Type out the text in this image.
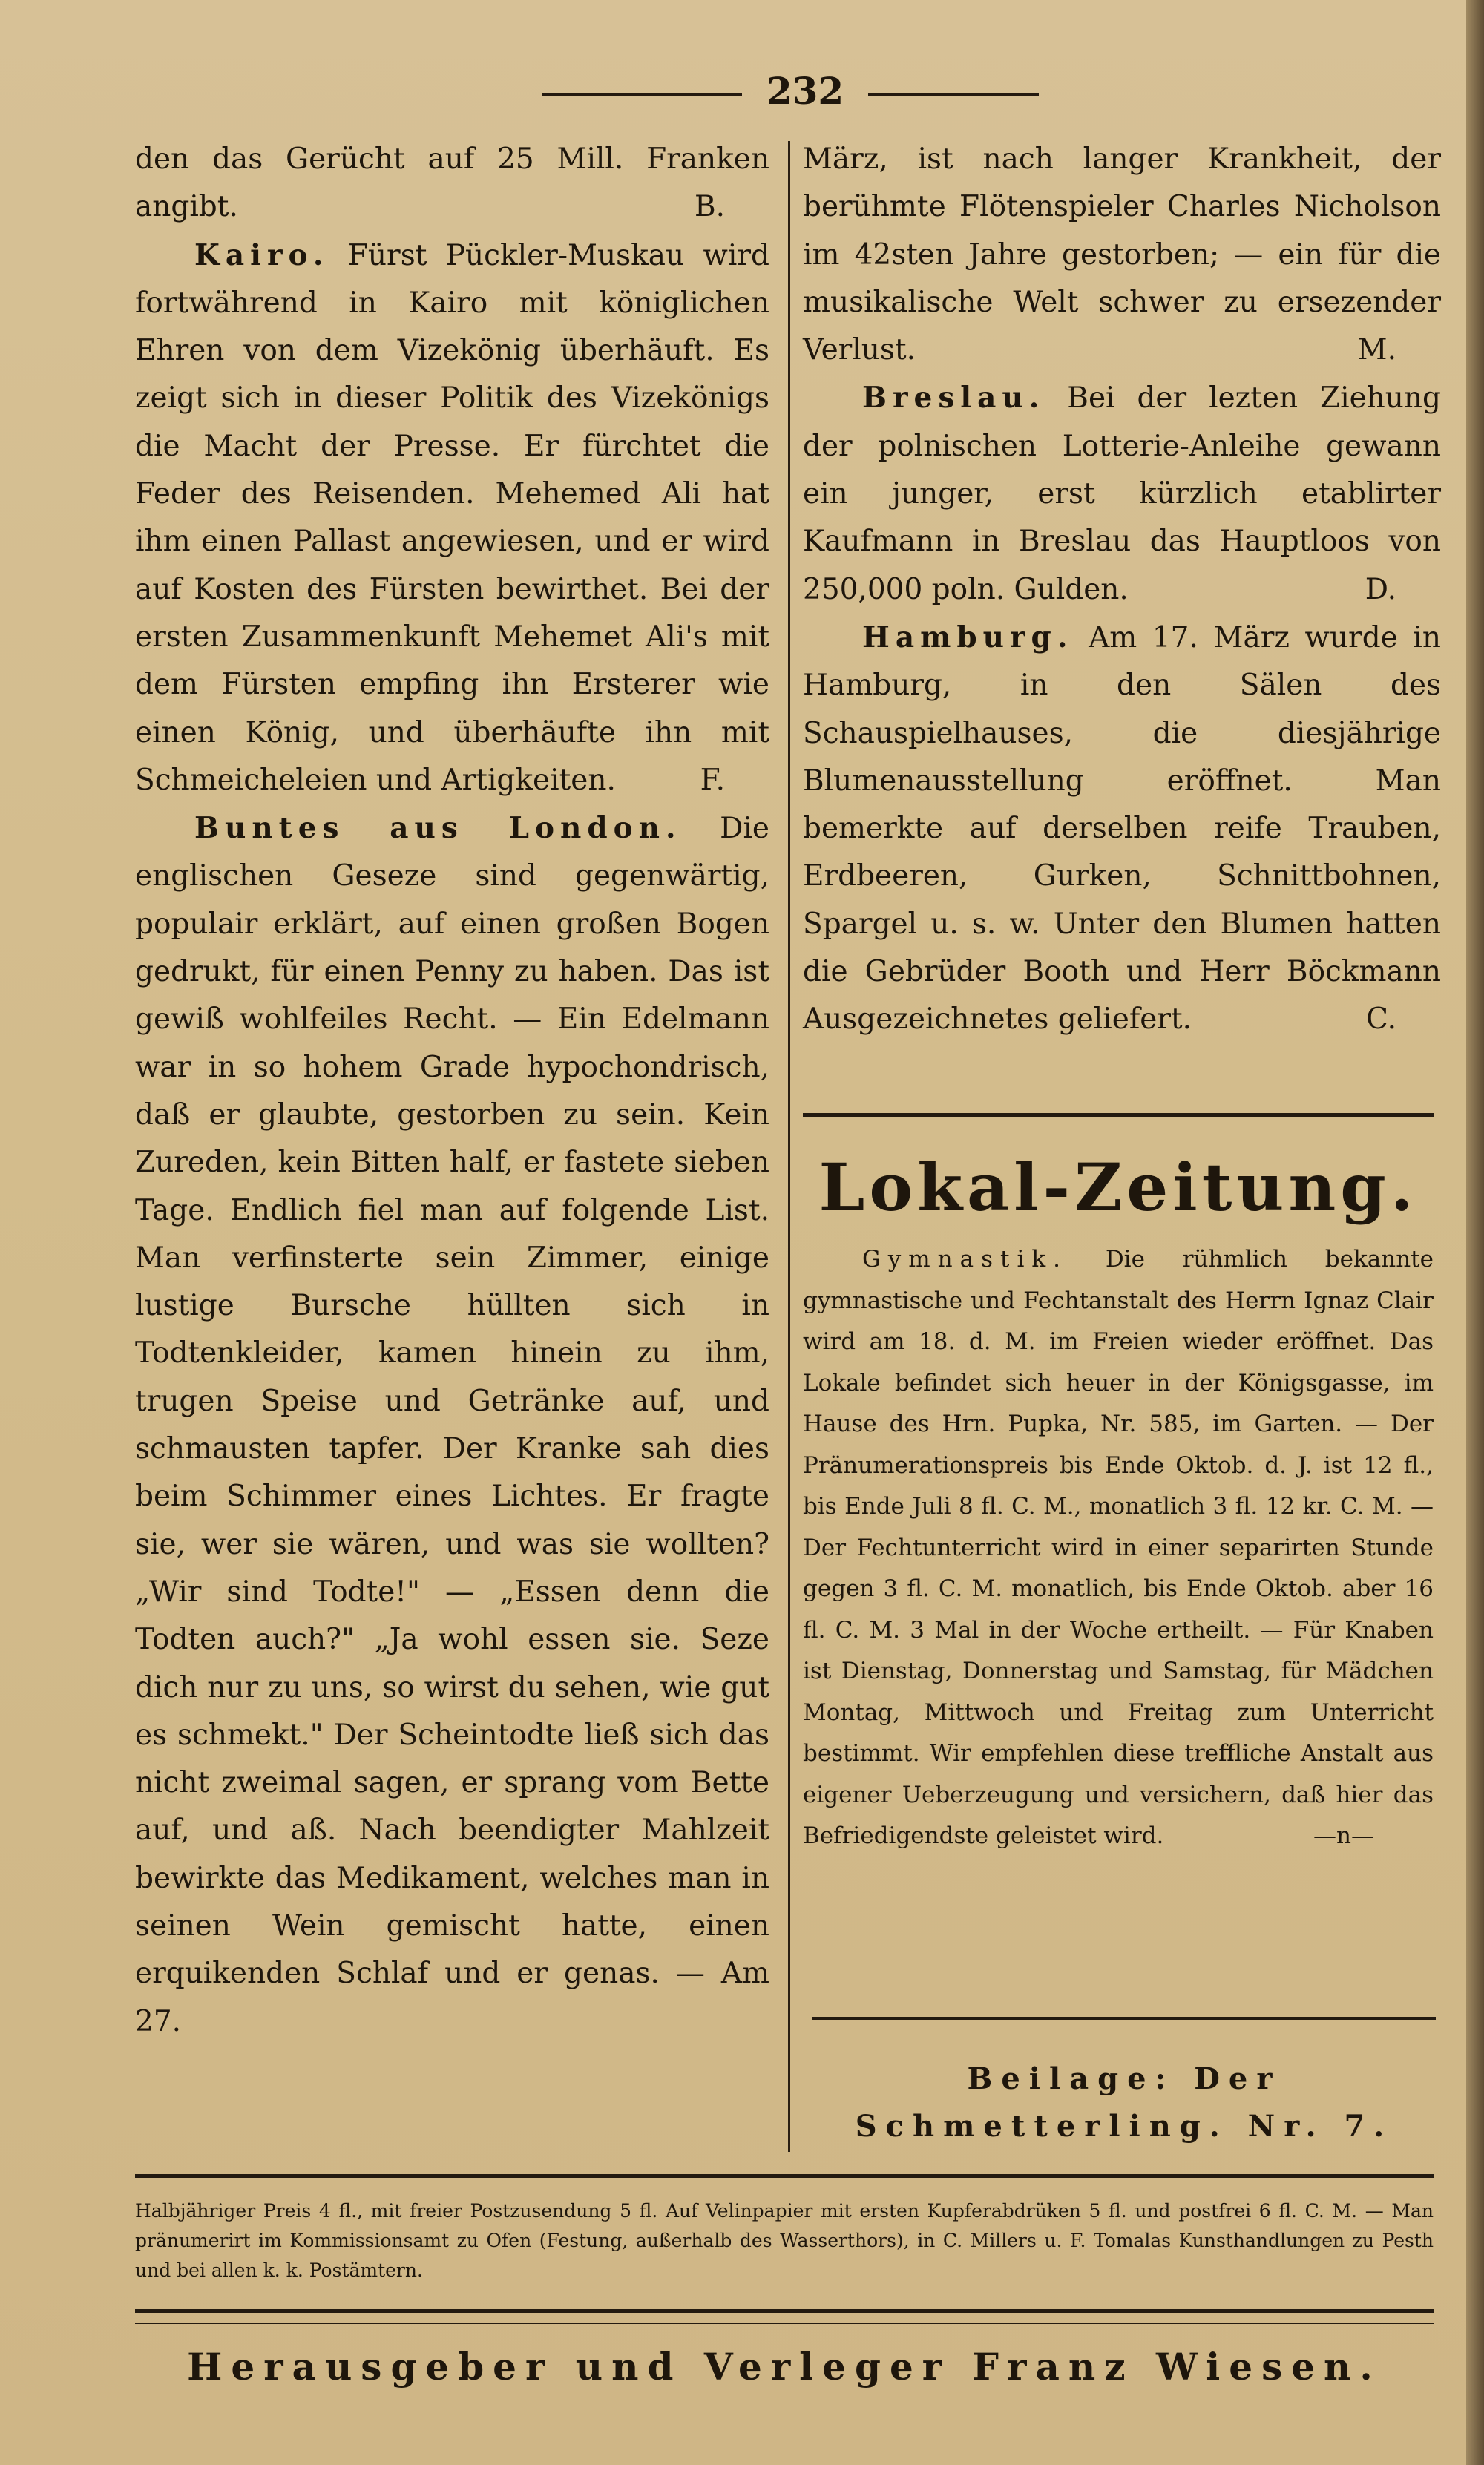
232

den das Gerücht auf 25 Mill. Franken angibt.	B.

Kairo. Fürst Pückler-Muskau wird fortwährend in Kairo mit königlichen Ehren von dem Vizekönig überhäuft. Es zeigt sich in dieser Politik des Vizekönigs die Macht der Presse. Er fürchtet die Feder des Reisenden. Mehemed Ali hat ihm einen Pallast angewiesen, und er wird auf Kosten des Fürsten bewirthet. Bei der ersten Zusammenkunft Mehemet Ali's mit dem Fürsten empfing ihn Ersterer wie einen König, und überhäufte ihn mit Schmeicheleien und Artigkeiten.	F.

Buntes aus London. Die englischen Geseze sind gegenwärtig, populair erklärt, auf einen großen Bogen gedrukt, für einen Penny zu haben. Das ist gewiß wohlfeiles Recht. — Ein Edelmann war in so hohem Grade hypochondrisch, daß er glaubte, gestorben zu sein. Kein Zureden, kein Bitten half, er fastete sieben Tage. Endlich fiel man auf folgende List. Man verfinsterte sein Zimmer, einige lustige Bursche hüllten sich in Todtenkleider, kamen hinein zu ihm, trugen Speise und Getränke auf, und schmausten tapfer. Der Kranke sah dies beim Schimmer eines Lichtes. Er fragte sie, wer sie wären, und was sie wollten? „Wir sind Todte!" — „Essen denn die Todten auch?" „Ja wohl essen sie. Seze dich nur zu uns, so wirst du sehen, wie gut es schmekt." Der Scheintodte ließ sich das nicht zweimal sagen, er sprang vom Bette auf, und aß. Nach beendigter Mahlzeit bewirkte das Medikament, welches man in seinen Wein gemischt hatte, einen erquikenden Schlaf und er genas. — Am 27.

März, ist nach langer Krankheit, der berühmte Flötenspieler Charles Nicholson im 42sten Jahre gestorben; — ein für die musikalische Welt schwer zu ersezender Verlust.	M.

Breslau. Bei der lezten Ziehung der polnischen Lotterie-Anleihe gewann ein junger, erst kürzlich etablirter Kaufmann in Breslau das Hauptloos von 250,000 poln. Gulden.	D.

Hamburg. Am 17. März wurde in Hamburg, in den Sälen des Schauspielhauses, die diesjährige Blumenausstellung eröffnet. Man bemerkte auf derselben reife Trauben, Erdbeeren, Gurken, Schnittbohnen, Spargel u. s. w. Unter den Blumen hatten die Gebrüder Booth und Herr Böckmann Ausgezeichnetes geliefert.	C.

Lokal-Zeitung.

Gymnastik. Die rühmlich bekannte gymnastische und Fechtanstalt des Herrn Ignaz Clair wird am 18. d. M. im Freien wieder eröffnet. Das Lokale befindet sich heuer in der Königsgasse, im Hause des Hrn. Pupka, Nr. 585, im Garten. — Der Pränumerationspreis bis Ende Oktob. d. J. ist 12 fl., bis Ende Juli 8 fl. C. M., monatlich 3 fl. 12 kr. C. M. — Der Fechtunterricht wird in einer separirten Stunde gegen 3 fl. C. M. monatlich, bis Ende Oktob. aber 16 fl. C. M. 3 Mal in der Woche ertheilt. — Für Knaben ist Dienstag, Donnerstag und Samstag, für Mädchen Montag, Mittwoch und Freitag zum Unterricht bestimmt. Wir empfehlen diese treffliche Anstalt aus eigener Ueberzeugung und versichern, daß hier das Befriedigendste geleistet wird.	—n—

Beilage: Der Schmetterling. Nr. 7.
Halbjähriger Preis 4 fl., mit freier Postzusendung 5 fl. Auf Velinpapier mit ersten Kupferabdrüken 5 fl. und postfrei 6 fl. C. M. — Man pränumerirt im Kommissionsamt zu Ofen (Festung, außerhalb des Wasserthors), in C. Millers u. F. Tomalas Kunsthandlungen zu Pesth und bei allen k. k. Postämtern.
Herausgeber und Verleger Franz Wiesen.
